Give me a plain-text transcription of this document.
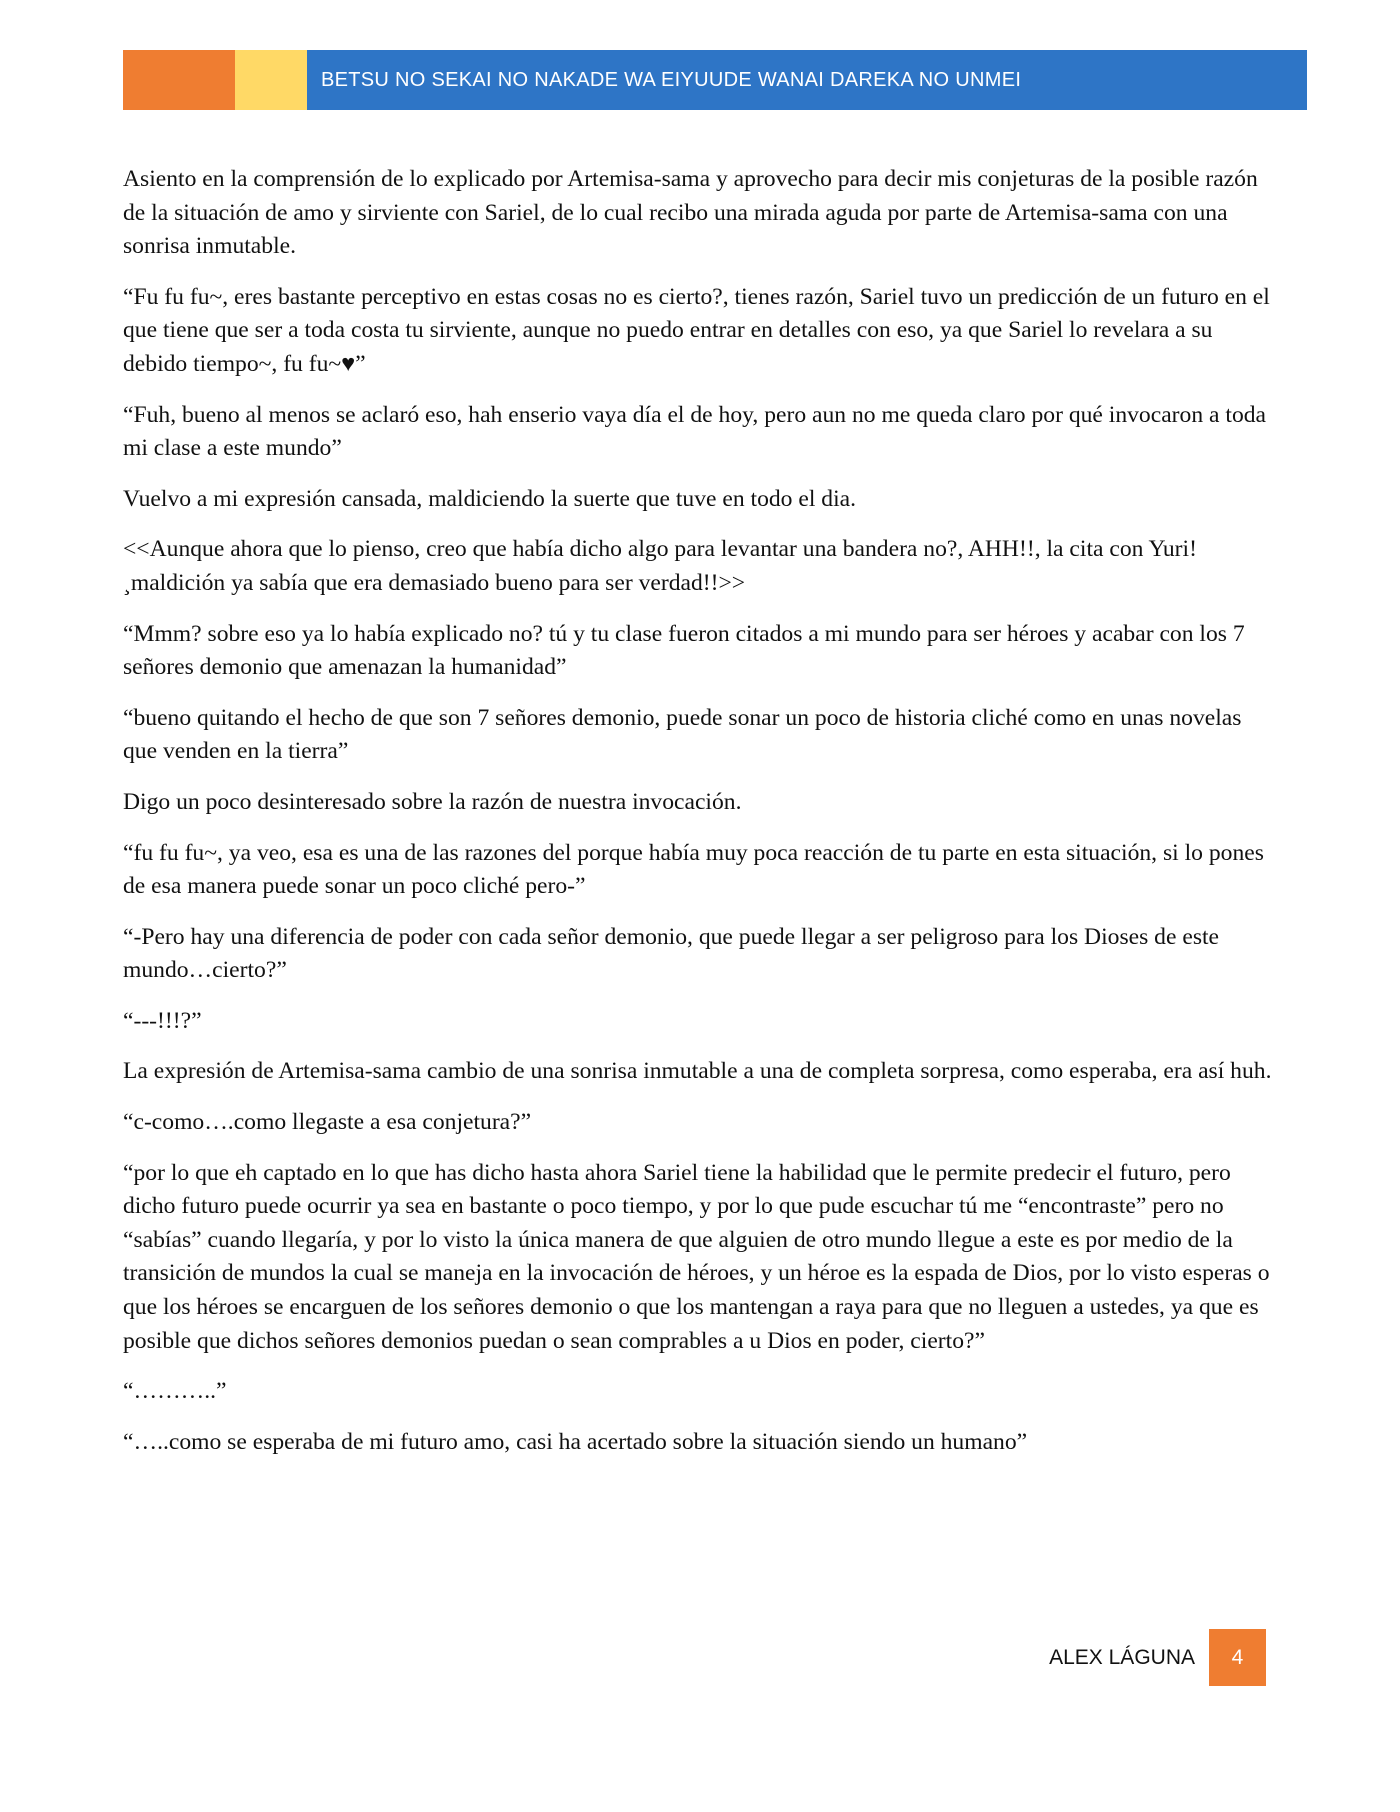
BETSU NO SEKAI NO NAKADE WA EIYUUDE WANAI DAREKA NO UNMEI

Asiento en la comprensión de lo explicado por Artemisa-sama y aprovecho para decir mis conjeturas de la posible razón de la situación de amo y sirviente con Sariel, de lo cual recibo una mirada aguda por parte de Artemisa-sama con una sonrisa inmutable.

“Fu fu fu~, eres bastante perceptivo en estas cosas no es cierto?, tienes razón, Sariel tuvo un predicción de un futuro en el que tiene que ser a toda costa tu sirviente, aunque no puedo entrar en detalles con eso, ya que Sariel lo revelara a su debido tiempo~, fu fu~♥”

“Fuh, bueno al menos se aclaró eso, hah enserio vaya día el de hoy, pero aun no me queda claro por qué invocaron a toda mi clase a este mundo”

Vuelvo a mi expresión cansada, maldiciendo la suerte que tuve en todo el dia.

<<Aunque ahora que lo pienso, creo que había dicho algo para levantar una bandera no?, AHH!!, la cita con Yuri!¸maldición ya sabía que era demasiado bueno para ser verdad!!>>

“Mmm? sobre eso ya lo había explicado no? tú y tu clase fueron citados a mi mundo para ser héroes y acabar con los 7 señores demonio que amenazan la humanidad”

“bueno quitando el hecho de que son 7 señores demonio, puede sonar un poco de historia cliché como en unas novelas que venden en la tierra”

Digo un poco desinteresado sobre la razón de nuestra invocación.

“fu fu fu~, ya veo, esa es una de las razones del porque había muy poca reacción de tu parte en esta situación, si lo pones de esa manera puede sonar un poco cliché pero-”

“-Pero hay una diferencia de poder con cada señor demonio, que puede llegar a ser peligroso para los Dioses de este mundo…cierto?”

“---!!!?”

La expresión de Artemisa-sama cambio de una sonrisa inmutable a una de completa sorpresa, como esperaba, era así huh.

“c-como….como llegaste a esa conjetura?”

“por lo que eh captado en lo que has dicho hasta ahora Sariel tiene la habilidad que le permite predecir el futuro, pero dicho futuro puede ocurrir ya sea en bastante o poco tiempo, y por lo que pude escuchar tú me “encontraste” pero no “sabías” cuando llegaría, y por lo visto la única manera de que alguien de otro mundo llegue a este es por medio de la transición de mundos la cual se maneja en la invocación de héroes, y un héroe es la espada de Dios, por lo visto esperas o que los héroes se encarguen de los señores demonio o que los mantengan a raya para que no lleguen a ustedes, ya que es posible que dichos señores demonios puedan o sean comprables a u Dios en poder, cierto?”

“………..”

“…..como se esperaba de mi futuro amo, casi ha acertado sobre la situación siendo un humano”

ALEX LÁGUNA 4
